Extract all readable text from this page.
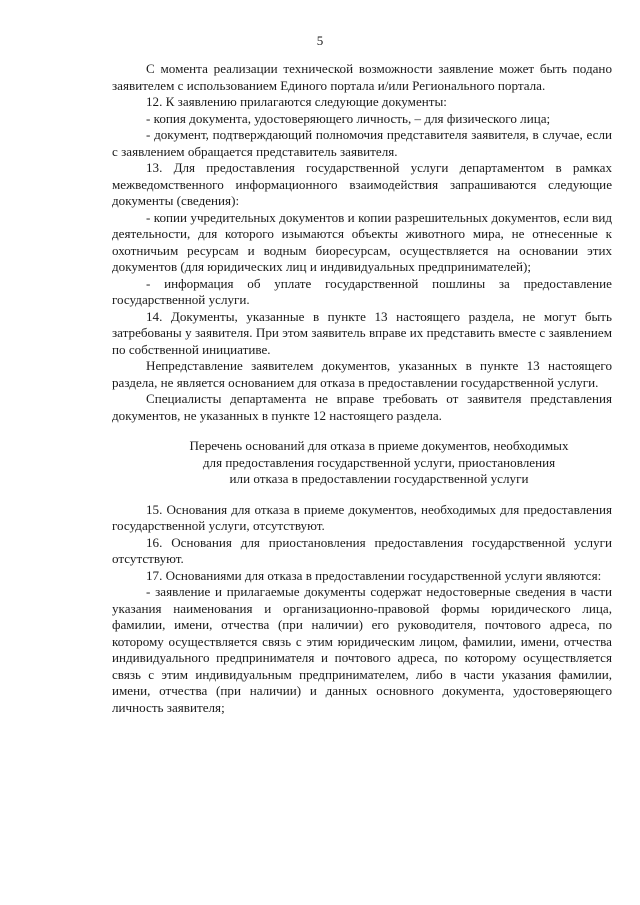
5

С момента реализации технической возможности заявление может быть подано заявителем с использованием Единого портала и/или Регионального портала.

12. К заявлению прилагаются следующие документы:

- копия документа, удостоверяющего личность, – для физического лица;

- документ, подтверждающий полномочия представителя заявителя, в случае, если с заявлением обращается представитель заявителя.

13. Для предоставления государственной услуги департаментом в рамках межведомственного информационного взаимодействия запрашиваются следующие документы (сведения):

- копии учредительных документов и копии разрешительных документов, если вид деятельности, для которого изымаются объекты животного мира, не отнесенные к охотничьим ресурсам и водным биоресурсам, осуществляется на основании этих документов (для юридических лиц и индивидуальных предпринимателей);

- информация об уплате государственной пошлины за предоставление государственной услуги.

14. Документы, указанные в пункте 13 настоящего раздела, не могут быть затребованы у заявителя. При этом заявитель вправе их представить вместе с заявлением по собственной инициативе.

Непредставление заявителем документов, указанных в пункте 13 настоящего раздела, не является основанием для отказа в предоставлении государственной услуги.

Специалисты департамента не вправе требовать от заявителя представления документов, не указанных в пункте 12 настоящего раздела.

Перечень оснований для отказа в приеме документов, необходимых

для предоставления государственной услуги, приостановления

или отказа в предоставлении государственной услуги

15. Основания для отказа в приеме документов, необходимых для предоставления государственной услуги, отсутствуют.

16. Основания для приостановления предоставления государственной услуги отсутствуют.

17. Основаниями для отказа в предоставлении государственной услуги являются:

- заявление и прилагаемые документы содержат недостоверные сведения в части указания наименования и организационно-правовой формы юридического лица, фамилии, имени, отчества (при наличии) его руководителя, почтового адреса, по которому осуществляется связь с этим юридическим лицом, фамилии, имени, отчества индивидуального предпринимателя и почтового адреса, по которому осуществляется связь с этим индивидуальным предпринимателем, либо в части указания фамилии, имени, отчества (при наличии) и данных основного документа, удостоверяющего личность заявителя;
